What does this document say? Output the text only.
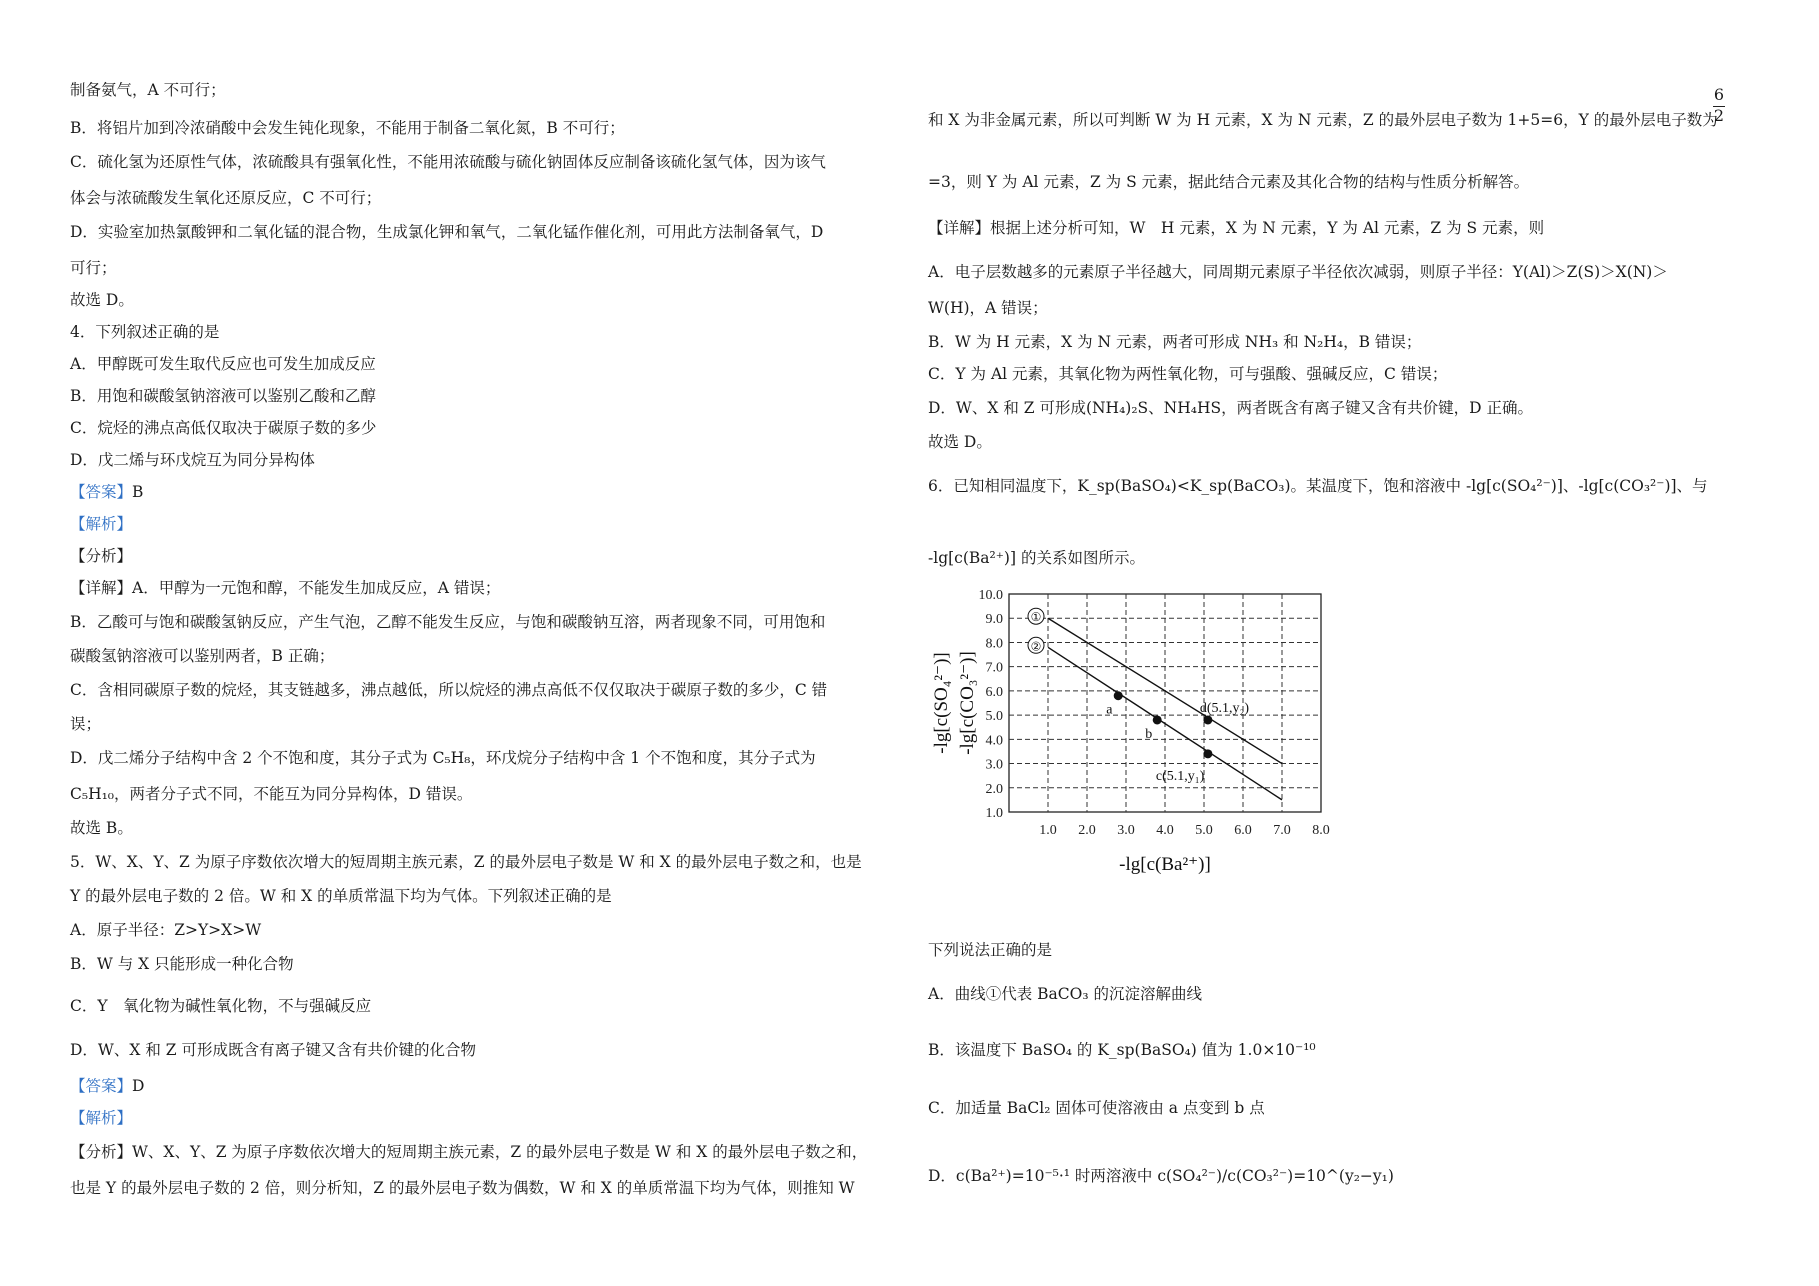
制备氨气，A 不可行；
B．将铝片加到冷浓硝酸中会发生钝化现象，不能用于制备二氧化氮，B 不可行；
C．硫化氢为还原性气体，浓硫酸具有强氧化性，不能用浓硫酸与硫化钠固体反应制备该硫化氢气体，因为该气
体会与浓硫酸发生氧化还原反应，C 不可行；
D．实验室加热氯酸钾和二氧化锰的混合物，生成氯化钾和氧气，二氧化锰作催化剂，可用此方法制备氧气，D
可行；
故选 D。
4．下列叙述正确的是
A．甲醇既可发生取代反应也可发生加成反应
B．用饱和碳酸氢钠溶液可以鉴别乙酸和乙醇
C．烷烃的沸点高低仅取决于碳原子数的多少
D．戊二烯与环戊烷互为同分异构体
【答案】B
【解析】
【分析】
【详解】A．甲醇为一元饱和醇，不能发生加成反应，A 错误；
B．乙酸可与饱和碳酸氢钠反应，产生气泡，乙醇不能发生反应，与饱和碳酸钠互溶，两者现象不同，可用饱和
碳酸氢钠溶液可以鉴别两者，B 正确；
C．含相同碳原子数的烷烃，其支链越多，沸点越低，所以烷烃的沸点高低不仅仅取决于碳原子数的多少，C 错
误；
D．戊二烯分子结构中含 2 个不饱和度，其分子式为 C₅H₈，环戊烷分子结构中含 1 个不饱和度，其分子式为
C₅H₁₀，两者分子式不同，不能互为同分异构体，D 错误。
故选 B。
5．W、X、Y、Z 为原子序数依次增大的短周期主族元素，Z 的最外层电子数是 W 和 X 的最外层电子数之和，也是
Y 的最外层电子数的 2 倍。W 和 X 的单质常温下均为气体。下列叙述正确的是
A．原子半径：Z>Y>X>W
B．W 与 X 只能形成一种化合物
C．Y　氧化物为碱性氧化物，不与强碱反应
D．W、X 和 Z 可形成既含有离子键又含有共价键的化合物
【答案】D
【解析】
【分析】W、X、Y、Z 为原子序数依次增大的短周期主族元素，Z 的最外层电子数是 W 和 X 的最外层电子数之和，
也是 Y 的最外层电子数的 2 倍，则分析知，Z 的最外层电子数为偶数，W 和 X 的单质常温下均为气体，则推知 W
和 X 为非金属元素，所以可判断 W 为 H 元素，X 为 N 元素，Z 的最外层电子数为 1+5=6，Y 的最外层电子数为
=3，则 Y 为 Al 元素，Z 为 S 元素，据此结合元素及其化合物的结构与性质分析解答。
【详解】根据上述分析可知，W　H 元素，X 为 N 元素，Y 为 Al 元素，Z 为 S 元素，则
A．电子层数越多的元素原子半径越大，同周期元素原子半径依次减弱，则原子半径：Y(Al)＞Z(S)＞X(N)＞
W(H)，A 错误；
B．W 为 H 元素，X 为 N 元素，两者可形成 NH₃ 和 N₂H₄，B 错误；
C．Y 为 Al 元素，其氧化物为两性氧化物，可与强酸、强碱反应，C 错误；
D．W、X 和 Z 可形成(NH₄)₂S、NH₄HS，两者既含有离子键又含有共价键，D 正确。
故选 D。
6．已知相同温度下，K_sp(BaSO₄)<K_sp(BaCO₃)。某温度下，饱和溶液中 -lg[c(SO₄²⁻)]、-lg[c(CO₃²⁻)]、与
-lg[c(Ba²⁺)] 的关系如图所示。
下列说法正确的是
A．曲线①代表 BaCO₃ 的沉淀溶解曲线
B．该温度下 BaSO₄ 的 K_sp(BaSO₄) 值为 1.0×10⁻¹⁰
C．加适量 BaCl₂ 固体可使溶液由 a 点变到 b 点
D．c(Ba²⁺)=10⁻⁵·¹ 时两溶液中 c(SO₄²⁻)/c(CO₃²⁻)=10^(y₂−y₁)
6
2
1.0 2.0 3.0 4.0 5.0 6.0 7.0 8.0
1.0
2.0
3.0
4.0
5.0
6.0
7.0
8.0
9.0
10.0
①
②
a
b
d(5.1,y₂)
c(5.1,y₁)
-lg[c(Ba²⁺)]
-lg[c(SO₄²⁻)] -lg[c(CO₃²⁻)]
